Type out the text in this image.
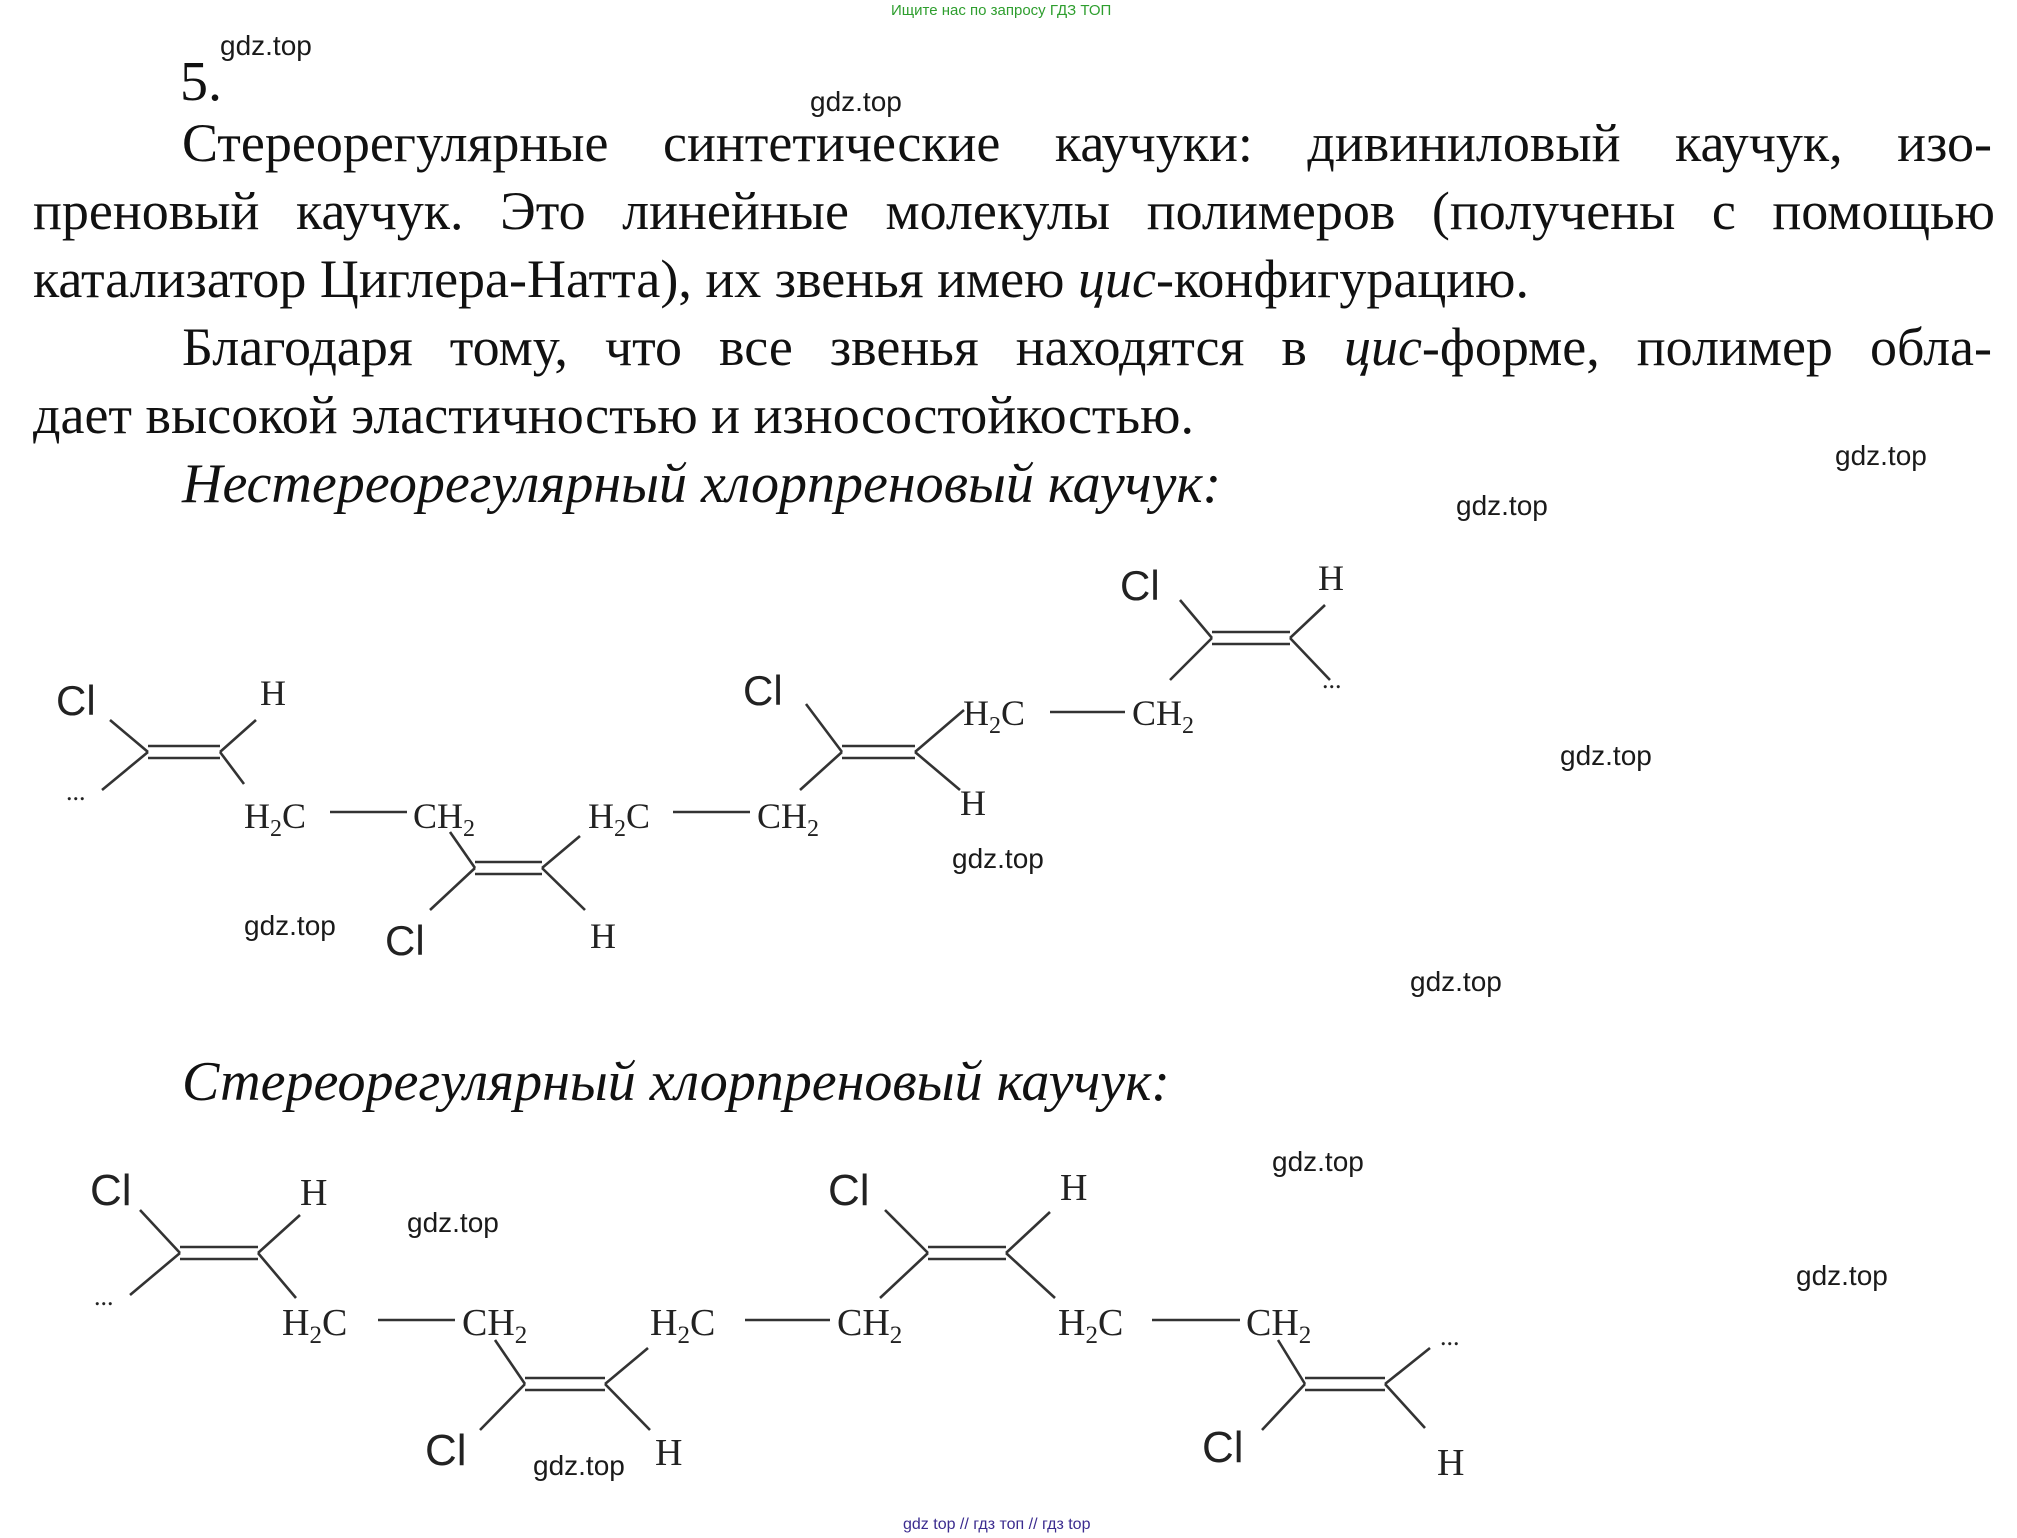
Ищите нас по запросу ГДЗ ТОП
5.
gdz.top
gdz.top
gdz.top
gdz.top
gdz.top
gdz.top
gdz.top
gdz.top
gdz.top
gdz.top
gdz.top
gdz.top
Стереорегулярные синтетические каучуки: дивиниловый каучук, изо-
преновый каучук. Это линейные молекулы полимеров (получены с помощью
катализатор Циглера-Натта), их звенья имею цис-конфигурацию.
Благодаря тому, что все звенья находятся в цис-форме, полимер обла-
дает высокой эластичностью и износостойкостью.
Нестереорегулярный хлорпреновый каучук:
Стереорегулярный хлорпреновый каучук:
Cl	H
...
$H_2C$	$CH_2$
Cl	H
$H_2C$	$CH_2$
Cl
H
$H_2C$	$CH_2$
Cl	H
...
Cl	H
...
$H_2C$	$CH_2$
Cl	H
$H_2C$	$CH_2$
Cl	H
$H_2C$	$CH_2$
Cl	H
...
gdz top // гдз топ // гдз top
